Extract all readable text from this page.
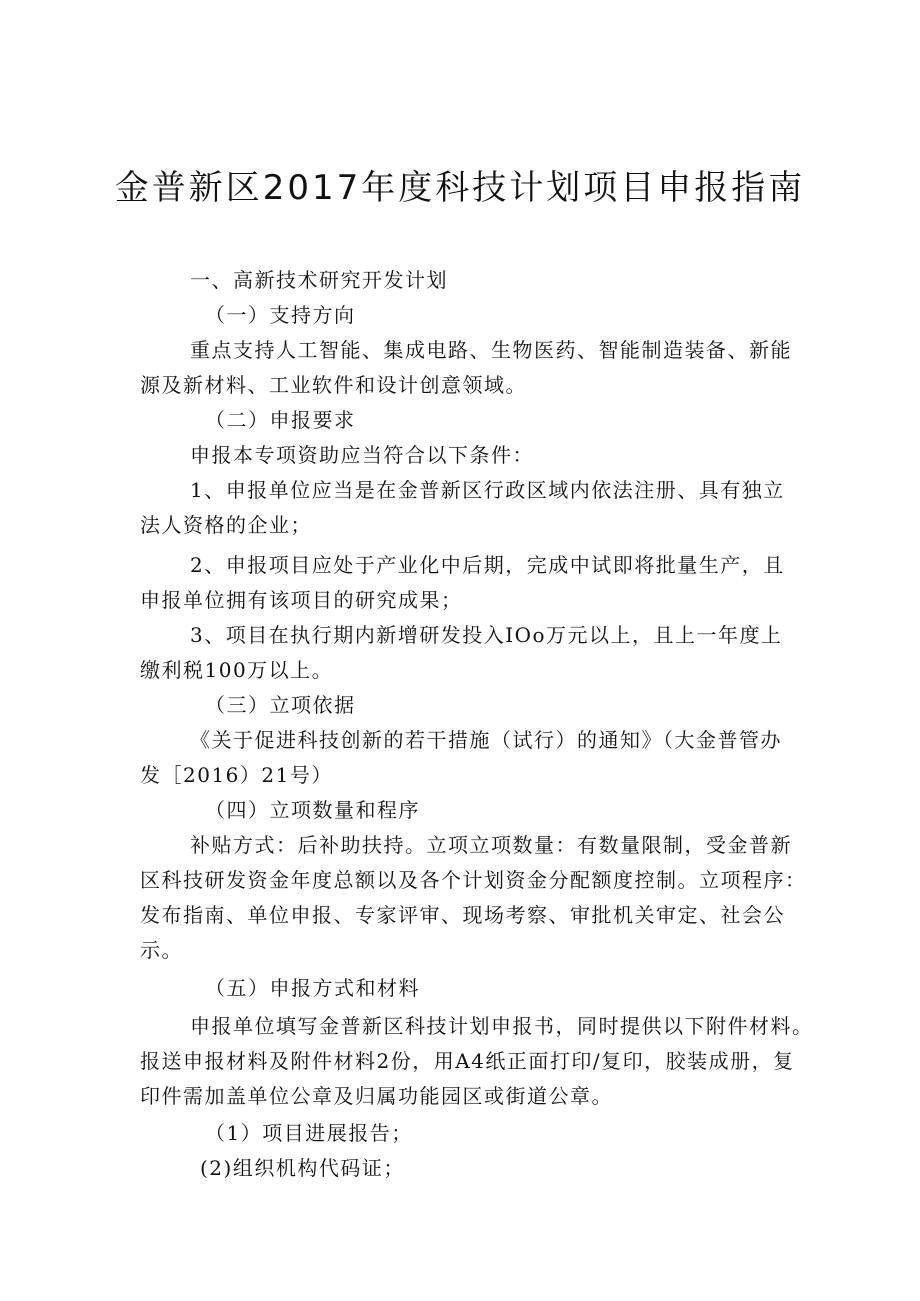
金普新区2017年度科技计划项目申报指南

一、高新技术研究开发计划

（一）支持方向

重点支持人工智能、集成电路、生物医药、智能制造装备、新能

源及新材料、工业软件和设计创意领域。

（二）申报要求

申报本专项资助应当符合以下条件：

1、申报单位应当是在金普新区行政区域内依法注册、具有独立

法人资格的企业；

2、申报项目应处于产业化中后期，完成中试即将批量生产，且

申报单位拥有该项目的研究成果；

3、项目在执行期内新增研发投入IOo万元以上，且上一年度上

缴利税100万以上。

（三）立项依据

《关于促进科技创新的若干措施（试行）的通知》（大金普管办

发［2016）21号）

（四）立项数量和程序

补贴方式：后补助扶持。立项立项数量：有数量限制，受金普新

区科技研发资金年度总额以及各个计划资金分配额度控制。立项程序：

发布指南、单位申报、专家评审、现场考察、审批机关审定、社会公

示。

（五）申报方式和材料

申报单位填写金普新区科技计划申报书，同时提供以下附件材料。

报送申报材料及附件材料2份，用A4纸正面打印/复印，胶装成册，复

印件需加盖单位公章及归属功能园区或街道公章。

（1）项目进展报告；

(2)组织机构代码证；
